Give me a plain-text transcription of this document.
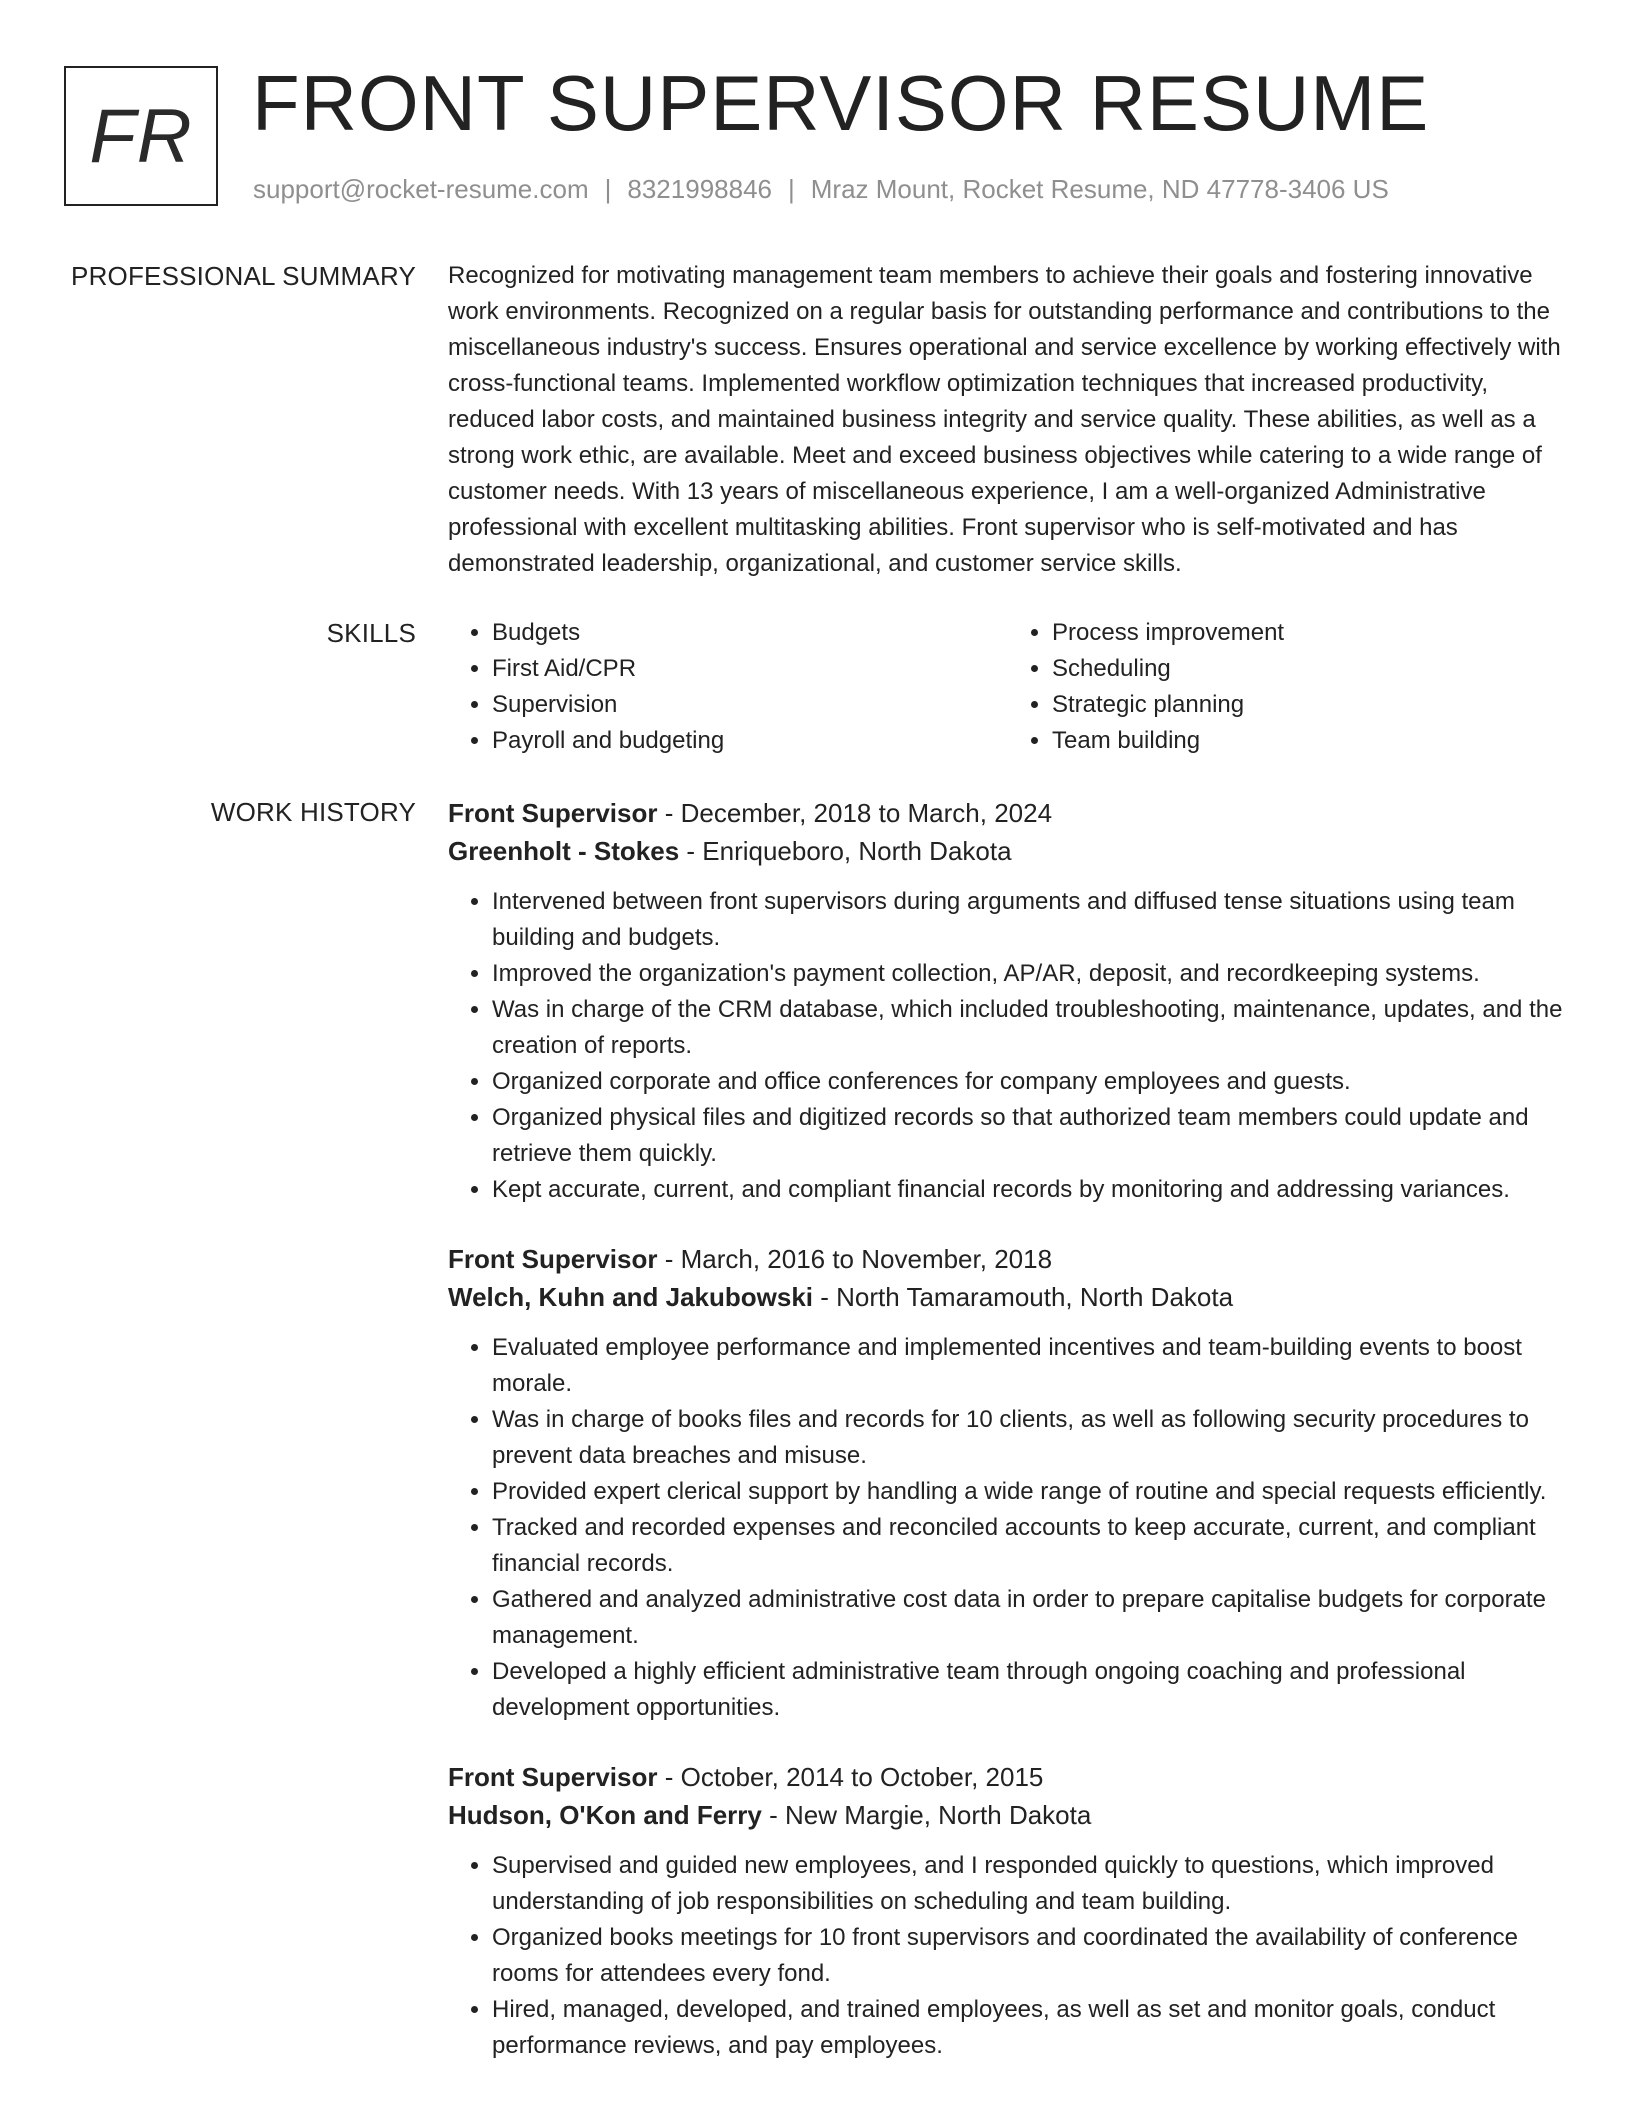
FR FRONT SUPERVISOR RESUME
support@rocket-resume.com | 8321998846 | Mraz Mount, Rocket Resume, ND 47778-3406 US
PROFESSIONAL SUMMARY Recognized for motivating management team members to achieve their goals and fostering innovative work environments. Recognized on a regular basis for outstanding performance and contributions to the miscellaneous industry's success. Ensures operational and service excellence by working effectively with cross-functional teams. Implemented workflow optimization techniques that increased productivity, reduced labor costs, and maintained business integrity and service quality. These abilities, as well as a strong work ethic, are available. Meet and exceed business objectives while catering to a wide range of customer needs. With 13 years of miscellaneous experience, I am a well-organized Administrative professional with excellent multitasking abilities. Front supervisor who is self-motivated and has demonstrated leadership, organizational, and customer service skills.

SKILLS
•	Budgets
• First Aid/CPR
• Supervision
• Payroll and budgeting
• Process improvement
• Scheduling
• Strategic planning
• Team building
WORK HISTORY Front Supervisor - December, 2018 to March, 2024
Greenholt - Stokes - Enriqueboro, North Dakota
• Intervened between front supervisors during arguments and diffused tense situations using team building and budgets.
• Improved the organization's payment collection, AP/AR, deposit, and recordkeeping systems.
• Was in charge of the CRM database, which included troubleshooting, maintenance, updates, and the creation of reports.
• Organized corporate and office conferences for company employees and guests.
• Organized physical files and digitized records so that authorized team members could update and retrieve them quickly.
• Kept accurate, current, and compliant financial records by monitoring and addressing variances.
Front Supervisor - March, 2016 to November, 2018
Welch, Kuhn and Jakubowski - North Tamaramouth, North Dakota
• Evaluated employee performance and implemented incentives and team-building events to boost morale.
• Was in charge of books files and records for 10 clients, as well as following security procedures to prevent data breaches and misuse.
• Provided expert clerical support by handling a wide range of routine and special requests efficiently.
• Tracked and recorded expenses and reconciled accounts to keep accurate, current, and compliant financial records.
• Gathered and analyzed administrative cost data in order to prepare capitalise budgets for corporate management.
• Developed a highly efficient administrative team through ongoing coaching and professional development opportunities.
Front Supervisor - October, 2014 to October, 2015
Hudson, O'Kon and Ferry - New Margie, North Dakota
• Supervised and guided new employees, and I responded quickly to questions, which improved understanding of job responsibilities on scheduling and team building.
• Organized books meetings for 10 front supervisors and coordinated the availability of conference rooms for attendees every fond.
• Hired, managed, developed, and trained employees, as well as set and monitor goals, conduct performance reviews, and pay employees.
